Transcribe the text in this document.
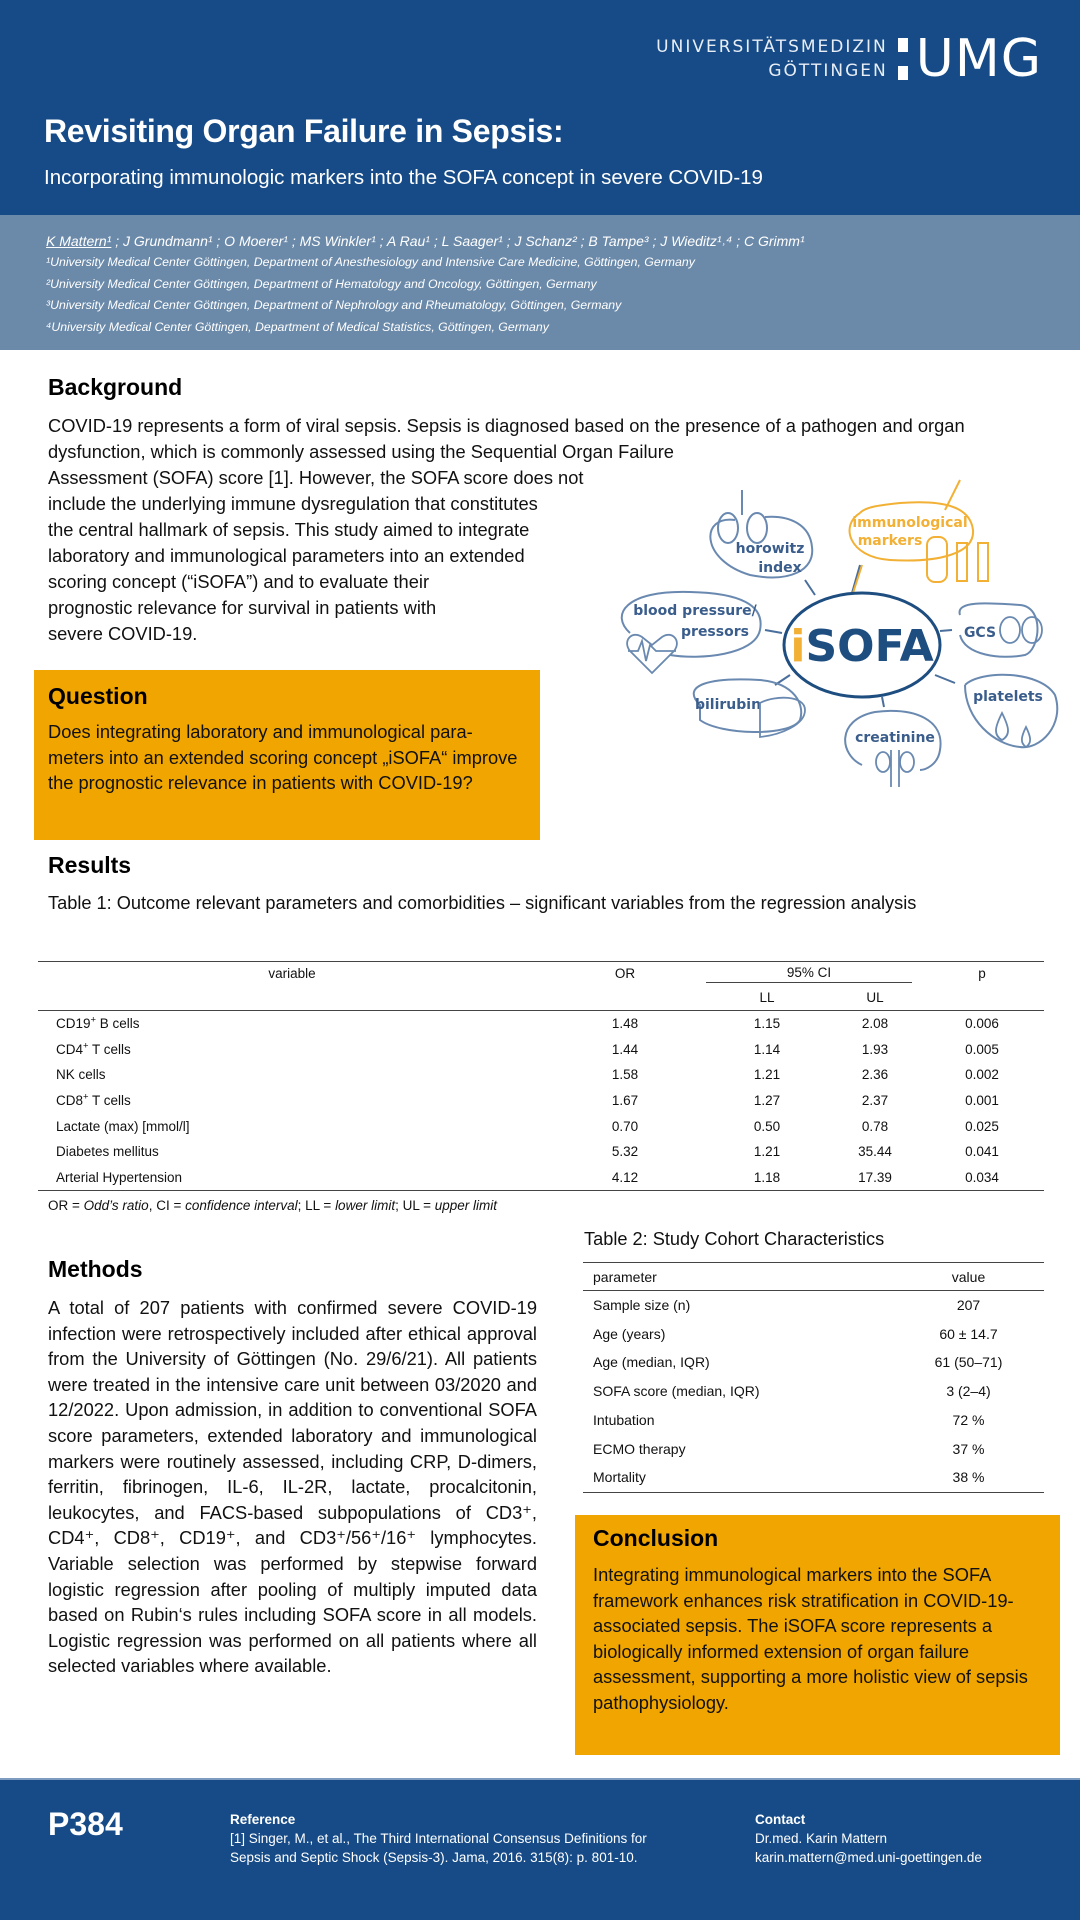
UNIVERSITÄTSMEDIZIN
GÖTTINGEN UMG
Revisiting Organ Failure in Sepsis:
Incorporating immunologic markers into the SOFA concept in severe COVID-19
K Mattern¹ ; J Grundmann¹ ; O Moerer¹ ; MS Winkler¹ ; A Rau¹ ; L Saager¹ ; J Schanz² ; B Tampe³ ; J Wieditz¹˒⁴ ; C Grimm¹
¹University Medical Center Göttingen, Department of Anesthesiology and Intensive Care Medicine, Göttingen, Germany
²University Medical Center Göttingen, Department of Hematology and Oncology, Göttingen, Germany
³University Medical Center Göttingen, Department of Nephrology and Rheumatology, Göttingen, Germany
⁴University Medical Center Göttingen, Department of Medical Statistics, Göttingen, Germany
Background
COVID-19 represents a form of viral sepsis. Sepsis is diagnosed based on the presence of a pathogen and organ
dysfunction, which is commonly assessed using the Sequential Organ Failure
Assessment (SOFA) score [1]. However, the SOFA score does not
include the underlying immune dysregulation that constitutes
the central hallmark of sepsis. This study aimed to integrate
laboratory and immunological parameters into an extended
scoring concept (“iSOFA”) and to evaluate their
prognostic relevance for survival in patients with
severe COVID-19.	iSOFA
horowitz
index
immunological
markers
blood pressure/
pressors	GCS
bilirubin	platelets
creatinine
Question
Does integrating laboratory and immunological para-meters into an extended scoring concept „iSOFA“ improve the prognostic relevance in patients with COVID-19?
Results
Table 1: Outcome relevant parameters and comorbidities – significant variables from the regression analysis
variable	OR	95% CI		p
		LL	UL	
CD19+ B cells	1.48	1.15	2.08	0.006
CD4+ T cells	1.44	1.14	1.93	0.005
NK cells	1.58	1.21	2.36	0.002
CD8+ T cells	1.67	1.27	2.37	0.001
Lactate (max) [mmol/l]	0.70	0.50	0.78	0.025
Diabetes mellitus	5.32	1.21	35.44	0.041
Arterial Hypertension	4.12	1.18	17.39	0.034
OR = Odd’s ratio, CI = confidence interval; LL = lower limit; UL = upper limit
Methods
A total of 207 patients with confirmed severe COVID-19 infection were retrospectively included after ethical approval from the University of Göttingen (No. 29/6/21). All patients were treated in the intensive care unit between 03/2020 and 12/2022. Upon admission, in addition to conventional SOFA score parameters, extended laboratory and immunological markers were routinely assessed, including CRP, D-dimers, ferritin, fibrinogen, IL-6, IL-2R, lactate, procalcitonin, leukocytes, and FACS-based subpopulations of CD3⁺, CD4⁺, CD8⁺, CD19⁺, and CD3⁺/56⁺/16⁺ lymphocytes. Variable selection was performed by stepwise forward logistic regression after pooling of multiply imputed data based on Rubin‘s rules including SOFA score in all models. Logistic regression was performed on all patients where all selected variables where available.
Table 2: Study Cohort Characteristics
parameter	value
Sample size (n)	207
Age (years)	60 ± 14.7
Age (median, IQR)	61 (50–71)
SOFA score (median, IQR)	3 (2–4)
Intubation	72 %
ECMO therapy	37 %
Mortality	38 %
Conclusion
Integrating immunological markers into the SOFA framework enhances risk stratification in COVID-19-associated sepsis. The iSOFA score represents a biologically informed extension of organ failure assessment, supporting a more holistic view of sepsis pathophysiology.
P384	Reference
[1] Singer, M., et al., The Third International Consensus Definitions for
Sepsis and Septic Shock (Sepsis-3). Jama, 2016. 315(8): p. 801-10.
Contact
Dr.med. Karin Mattern
karin.mattern@med.uni-goettingen.de
